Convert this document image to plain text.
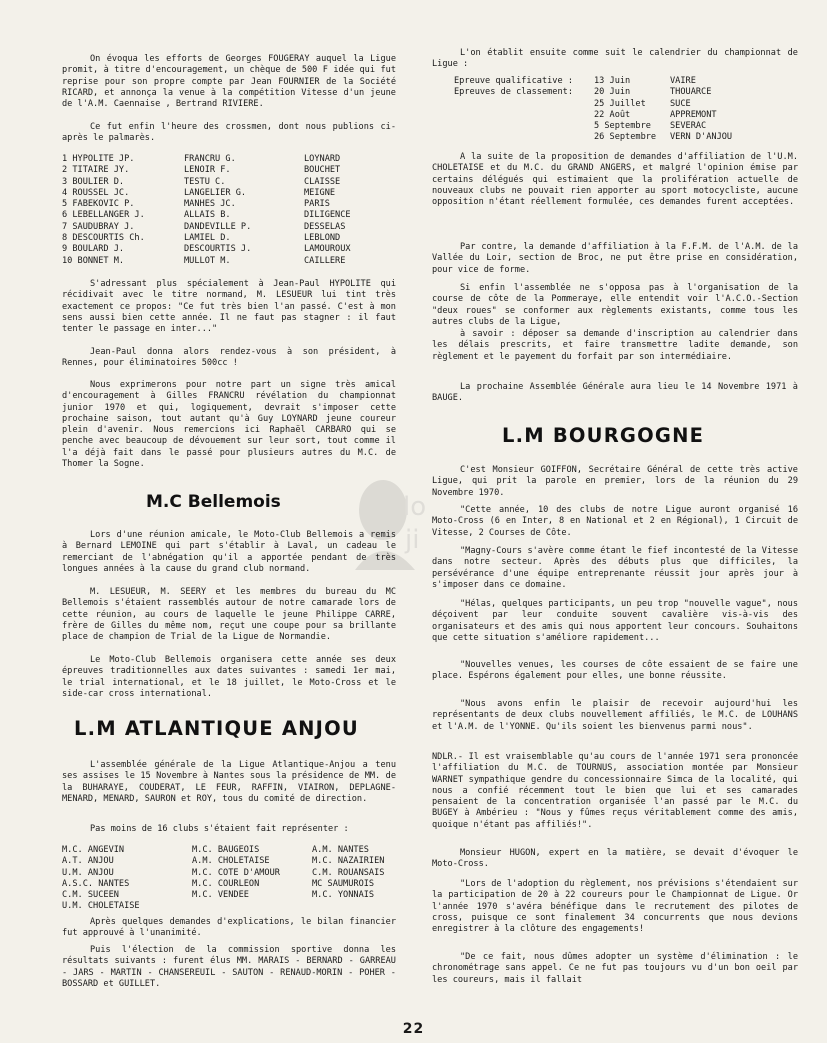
lo
ji

On évoqua les efforts de Georges FOUGERAY auquel la Ligue promit, à titre d'encouragement, un chèque de 500 F idée qui fut reprise pour son propre compte par Jean FOURNIER de la Société RICARD, et annonça la venue à la compétition Vitesse d'un jeune de l'A.M. Caennaise , Bertrand RIVIERE.

Ce fut enfin l'heure des crossmen, dont nous publions ci-après le palmarès.

1 HYPOLITE JP.	FRANCRU G.	LOYNARD
2 TITAIRE JY.	LENOIR F.	BOUCHET
3 BOULIER D.	TESTU C.	CLAISSE
4 ROUSSEL JC.	LANGELIER G.	MEIGNE
5 FABEKOVIC P.	MANHES JC.	PARIS
6 LEBELLANGER J.	ALLAIS B.	DILIGENCE
7 SAUDUBRAY J.	DANDEVILLE P.	DESSELAS
8 DESCOURTIS Ch.	LAMIEL D.	LEBLOND
9 BOULARD J.	DESCOURTIS J.	LAMOUROUX
10 BONNET M.	MULLOT M.	CAILLERE

S'adressant plus spécialement à Jean-Paul HYPOLITE qui récidivait avec le titre normand, M. LESUEUR lui tint très exactement ce propos: "Ce fut très bien l'an passé. C'est à mon sens aussi bien cette année. Il ne faut pas stagner : il faut tenter le passage en inter..."

Jean-Paul donna alors rendez-vous à son président, à Rennes, pour éliminatoires 500cc !

Nous exprimerons pour notre part un signe très amical d'encouragement à Gilles FRANCRU révélation du championnat junior 1970 et qui, logiquement, devrait s'imposer cette prochaine saison, tout autant qu'à Guy LOYNARD jeune coureur plein d'avenir. Nous remercions ici Raphaël CARBARO qui se penche avec beaucoup de dévouement sur leur sort, tout comme il l'a déjà fait dans le passé pour plusieurs autres du M.C. de Thomer la Sogne.

M.C Bellemois

Lors d'une réunion amicale, le Moto-Club Bellemois a remis à Bernard LEMOINE qui part s'établir à Laval, un cadeau le remerciant de l'abnégation qu'il a apportée pendant de très longues années à la cause du grand club normand.

M. LESUEUR, M. SEERY et les membres du bureau du MC Bellemois s'étaient rassemblés autour de notre camarade lors de cette réunion, au cours de laquelle le jeune Philippe CARRE, frère de Gilles du même nom, reçut une coupe pour sa brillante place de champion de Trial de la Ligue de Normandie.

Le Moto-Club Bellemois organisera cette année ses deux épreuves traditionnelles aux dates suivantes : samedi 1er mai, le trial international, et le 18 juillet, le Moto-Cross et le side-car cross international.

L.M ATLANTIQUE ANJOU

L'assemblée générale de la Ligue Atlantique-Anjou a tenu ses assises le 15 Novembre à Nantes sous la présidence de MM. de la BUHARAYE, COUDERAT, LE FEUR, RAFFIN, VIAIRON, DEPLAGNE-MENARD, MENARD, SAURON et ROY, tous du comité de direction.

Pas moins de 16 clubs s'étaient fait représenter :

M.C. ANGEVIN	M.C. BAUGEOIS	A.M. NANTES
A.T. ANJOU	A.M. CHOLETAISE	M.C. NAZAIRIEN
U.M. ANJOU	M.C. COTE D'AMOUR	C.M. ROUANSAIS
A.S.C. NANTES	M.C. COURLEON	MC SAUMUROIS
C.M. SUCEEN	M.C. VENDEE	M.C. YONNAIS
U.M. CHOLETAISE

Après quelques demandes d'explications, le bilan financier fut approuvé à l'unanimité.

Puis l'élection de la commission sportive donna les résultats suivants : furent élus MM. MARAIS - BERNARD - GARREAU - JARS - MARTIN - CHANSEREUIL - SAUTON - RENAUD-MORIN - POHER - BOSSARD et GUILLET.

L'on établit ensuite comme suit le calendrier du championnat de Ligue :

Epreuve qualificative : 13 Juin	VAIRE
Epreuves de classement: 20 Juin	THOUARCE
25 Juillet	SUCE
22 Août	APPREMONT
5 Septembre SEVERAC
26 Septembre VERN D'ANJOU

A la suite de la proposition de demandes d'affiliation de l'U.M. CHOLETAISE et du M.C. du GRAND ANGERS, et malgré l'opinion émise par certains délégués qui estimaient que la prolifération actuelle de nouveaux clubs ne pouvait rien apporter au sport motocycliste, aucune opposition n'étant réellement formulée, ces demandes furent acceptées.

Par contre, la demande d'affiliation à la F.F.M. de l'A.M. de la Vallée du Loir, section de Broc, ne put être prise en considération, pour vice de forme.

Si enfin l'assemblée ne s'opposa pas à l'organisation de la course de côte de la Pommeraye, elle entendit voir l'A.C.O.-Section "deux roues" se conformer aux règlements existants, comme tous les autres clubs de la Ligue,

à savoir : déposer sa demande d'inscription au calendrier dans les délais prescrits, et faire transmettre ladite demande, son règlement et le payement du forfait par son intermédiaire.

La prochaine Assemblée Générale aura lieu le 14 Novembre 1971 à BAUGE.

L.M BOURGOGNE

C'est Monsieur GOIFFON, Secrétaire Général de cette très active Ligue, qui prit la parole en premier, lors de la réunion du 29 Novembre 1970.

"Cette année, 10 des clubs de notre Ligue auront organisé 16 Moto-Cross (6 en Inter, 8 en National et 2 en Régional), 1 Circuit de Vitesse, 2 Courses de Côte.

"Magny-Cours s'avère comme étant le fief incontesté de la Vitesse dans notre secteur. Après des débuts plus que difficiles, la persévérance d'une équipe entreprenante réussit jour après jour à s'imposer dans ce domaine.

"Hélas, quelques participants, un peu trop "nouvelle vague", nous déçoivent par leur conduite souvent cavalière vis-à-vis des organisateurs et des amis qui nous apportent leur concours. Souhaitons que cette situation s'améliore rapidement...

"Nouvelles venues, les courses de côte essaient de se faire une place. Espérons également pour elles, une bonne réussite.

"Nous avons enfin le plaisir de recevoir aujourd'hui les représentants de deux clubs nouvellement affiliés, le M.C. de LOUHANS et l'A.M. de l'YONNE. Qu'ils soient les bienvenus parmi nous".

NDLR.- Il est vraisemblable qu'au cours de l'année 1971 sera prononcée l'affiliation du M.C. de TOURNUS, association montée par Monsieur WARNET sympathique gendre du concessionnaire Simca de la localité, qui nous a confié récemment tout le bien que lui et ses camarades pensaient de la concentration organisée l'an passé par le M.C. du BUGEY à Ambérieu : "Nous y fûmes reçus véritablement comme des amis, quoique n'étant pas affiliés!".

Monsieur HUGON, expert en la matière, se devait d'évoquer le Moto-Cross.

"Lors de l'adoption du règlement, nos prévisions s'étendaient sur la participation de 20 à 22 coureurs pour le Championnat de Ligue. Or l'année 1970 s'avéra bénéfique dans le recrutement des pilotes de cross, puisque ce sont finalement 34 concurrents que nous devions enregistrer à la clôture des engagements!

"De ce fait, nous dûmes adopter un système d'élimination : le chronométrage sans appel. Ce ne fut pas toujours vu d'un bon oeil par les coureurs, mais il fallait

22
